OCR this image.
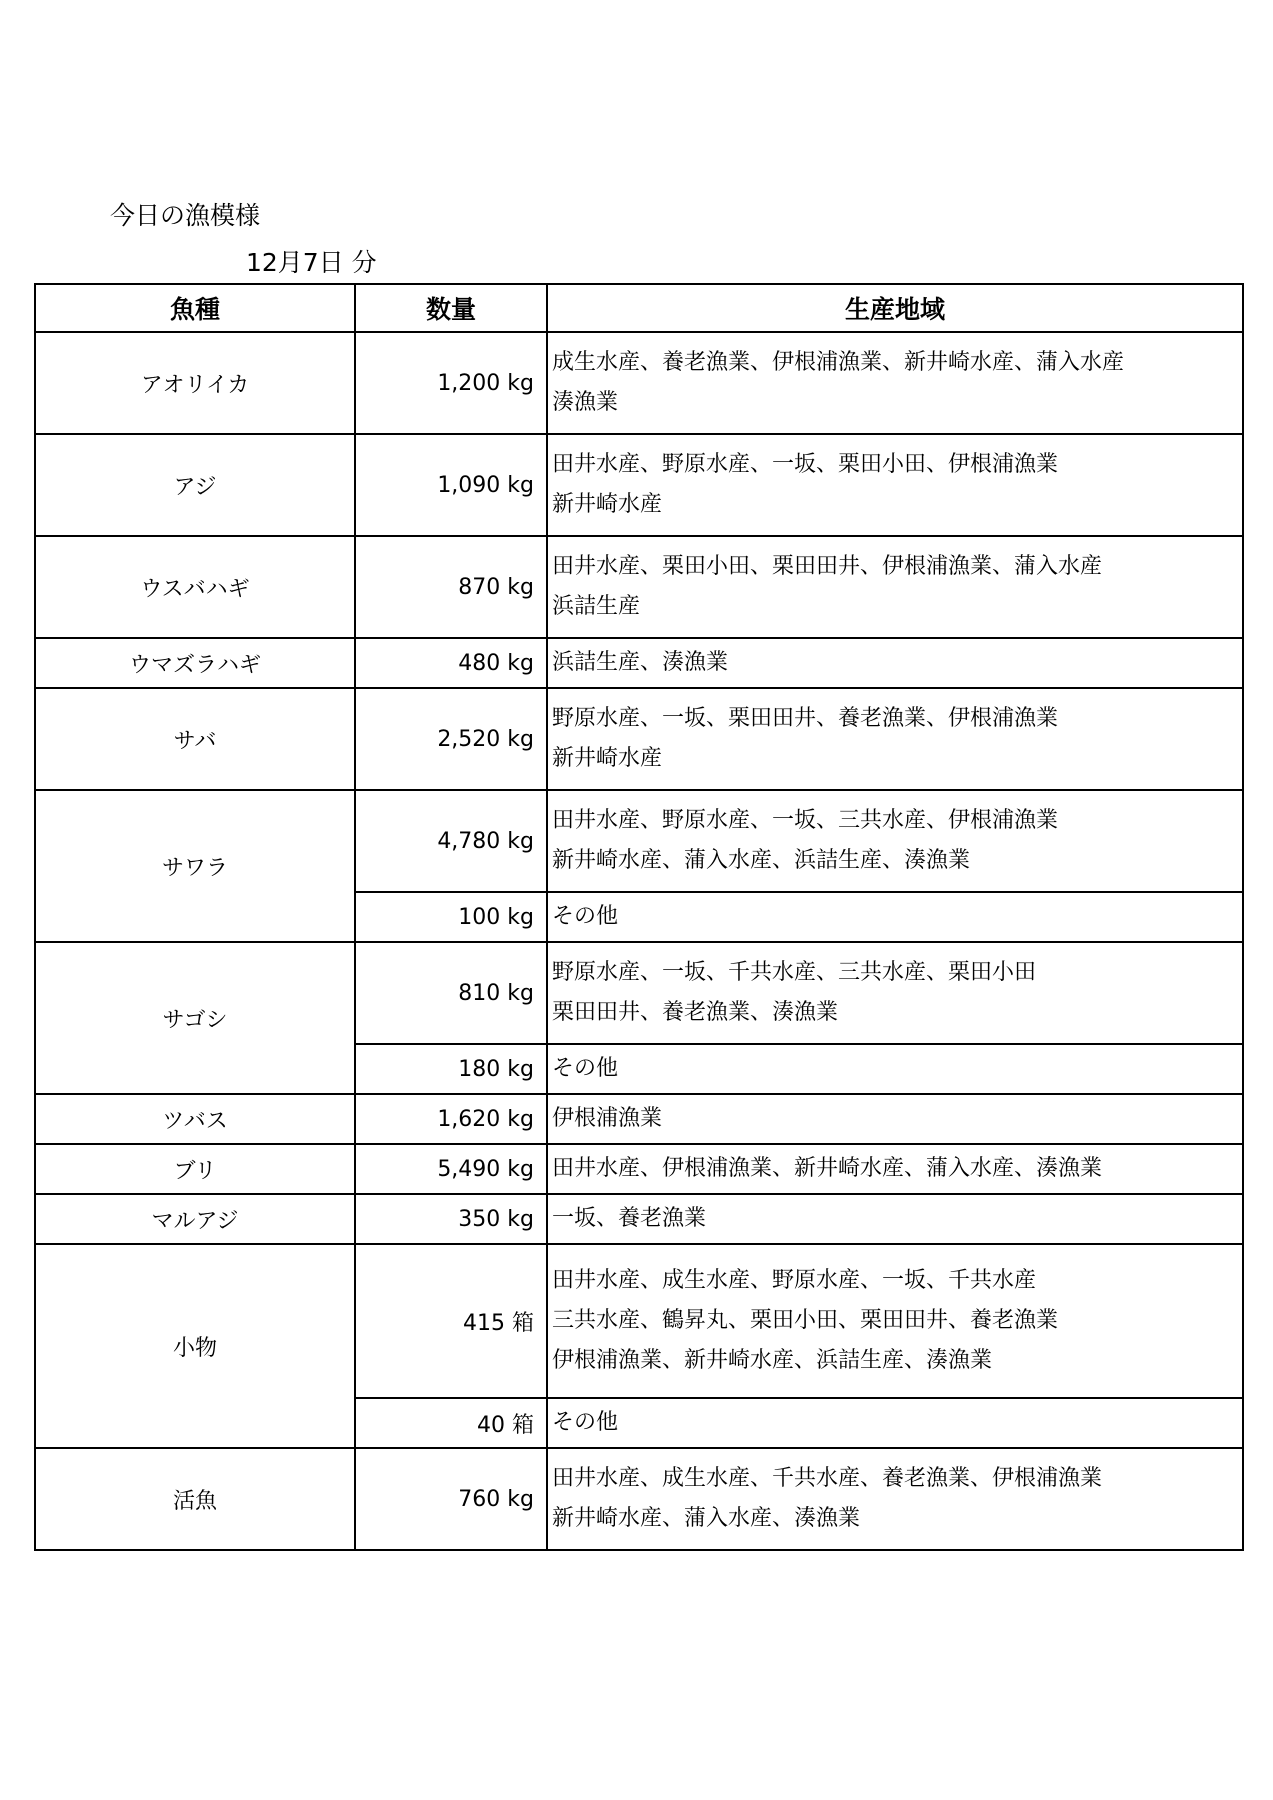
今日の漁模様
12月7日 分
魚種	数量	生産地域
アオリイカ	1,200 kg	成生水産、養老漁業、伊根浦漁業、新井崎水産、蒲入水産
湊漁業

アジ	1,090 kg	田井水産、野原水産、一坂、栗田小田、伊根浦漁業
新井崎水産

ウスバハギ	870 kg	田井水産、栗田小田、栗田田井、伊根浦漁業、蒲入水産
浜詰生産

ウマズラハギ	480 kg	浜詰生産、湊漁業

サバ	2,520 kg	野原水産、一坂、栗田田井、養老漁業、伊根浦漁業
新井崎水産

サワラ	4,780 kg	田井水産、野原水産、一坂、三共水産、伊根浦漁業
新井崎水産、蒲入水産、浜詰生産、湊漁業

	100 kg	その他

サゴシ	810 kg	野原水産、一坂、千共水産、三共水産、栗田小田
栗田田井、養老漁業、湊漁業

	180 kg	その他

ツバス	1,620 kg	伊根浦漁業

ブリ	5,490 kg	田井水産、伊根浦漁業、新井崎水産、蒲入水産、湊漁業

マルアジ	350 kg	一坂、養老漁業

小物	415 箱	田井水産、成生水産、野原水産、一坂、千共水産
三共水産、鶴昇丸、栗田小田、栗田田井、養老漁業
伊根浦漁業、新井崎水産、浜詰生産、湊漁業

	40 箱	その他

活魚	760 kg	田井水産、成生水産、千共水産、養老漁業、伊根浦漁業
新井崎水産、蒲入水産、湊漁業
